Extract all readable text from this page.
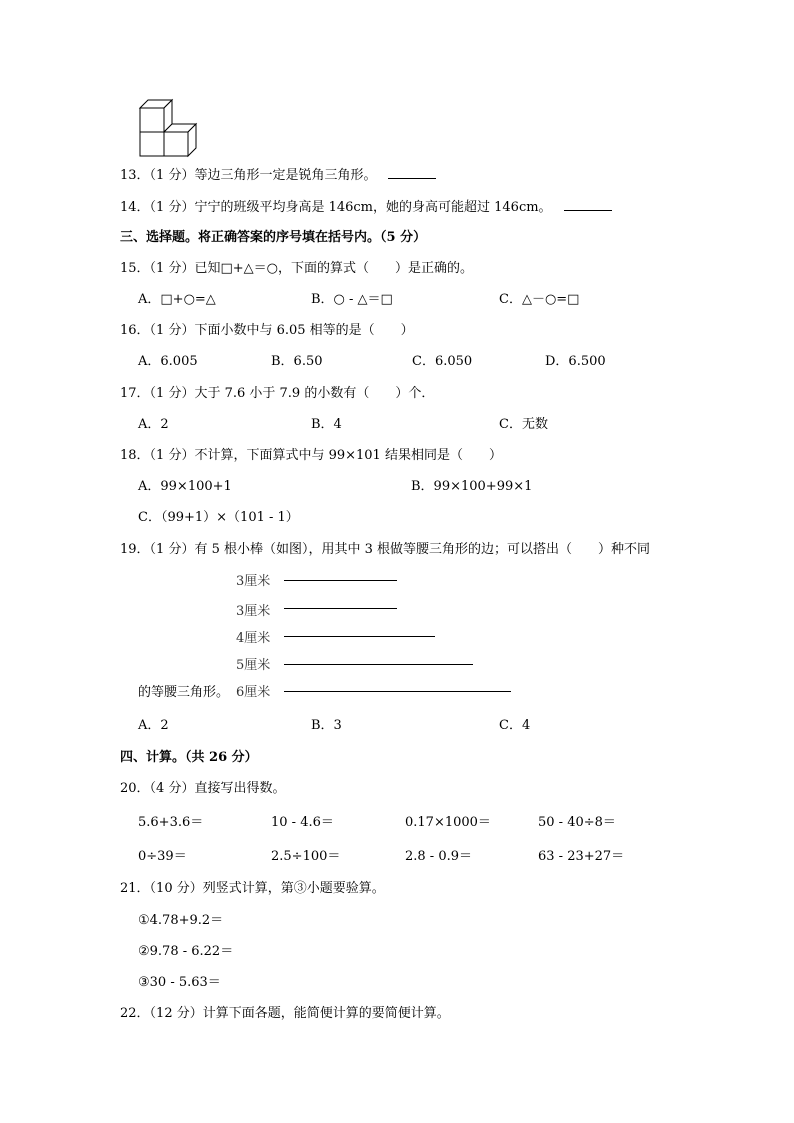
13．（1 分）等边三角形一定是锐角三角形。
14．（1 分）宁宁的班级平均身高是 146cm，她的身高可能超过 146cm。
三、选择题。将正确答案的序号填在括号内。（5 分）
15．（1 分）已知□+△＝○，下面的算式（　　）是正确的。
A．□+○=△	B．○ - △＝□	C．△－○=□
16．（1 分）下面小数中与 6.05 相等的是（　　）
A．6.005	B．6.50	C．6.050	D．6.500
17．（1 分）大于 7.6 小于 7.9 的小数有（　　）个．
A．2	B．4	C．无数
18．（1 分）不计算，下面算式中与 99×101 结果相同是（　　）
A．99×100+1	B．99×100+99×1
C．（99+1）×（101 - 1）
19．（1 分）有 5 根小棒（如图），用其中 3 根做等腰三角形的边；可以搭出（　　）种不同
3厘米
3厘米
4厘米
5厘米
6厘米
的等腰三角形。
A．2	B．3	C．4
四、计算。（共 26 分）
20．（4 分）直接写出得数。
5.6+3.6＝	10 - 4.6＝	0.17×1000＝	50 - 40÷8＝
0÷39＝	2.5÷100＝	2.8 - 0.9＝	63 - 23+27＝
21．（10 分）列竖式计算，第③小题要验算。
①4.78+9.2＝
②9.78 - 6.22＝
③30 - 5.63＝
22．（12 分）计算下面各题，能简便计算的要简便计算。
